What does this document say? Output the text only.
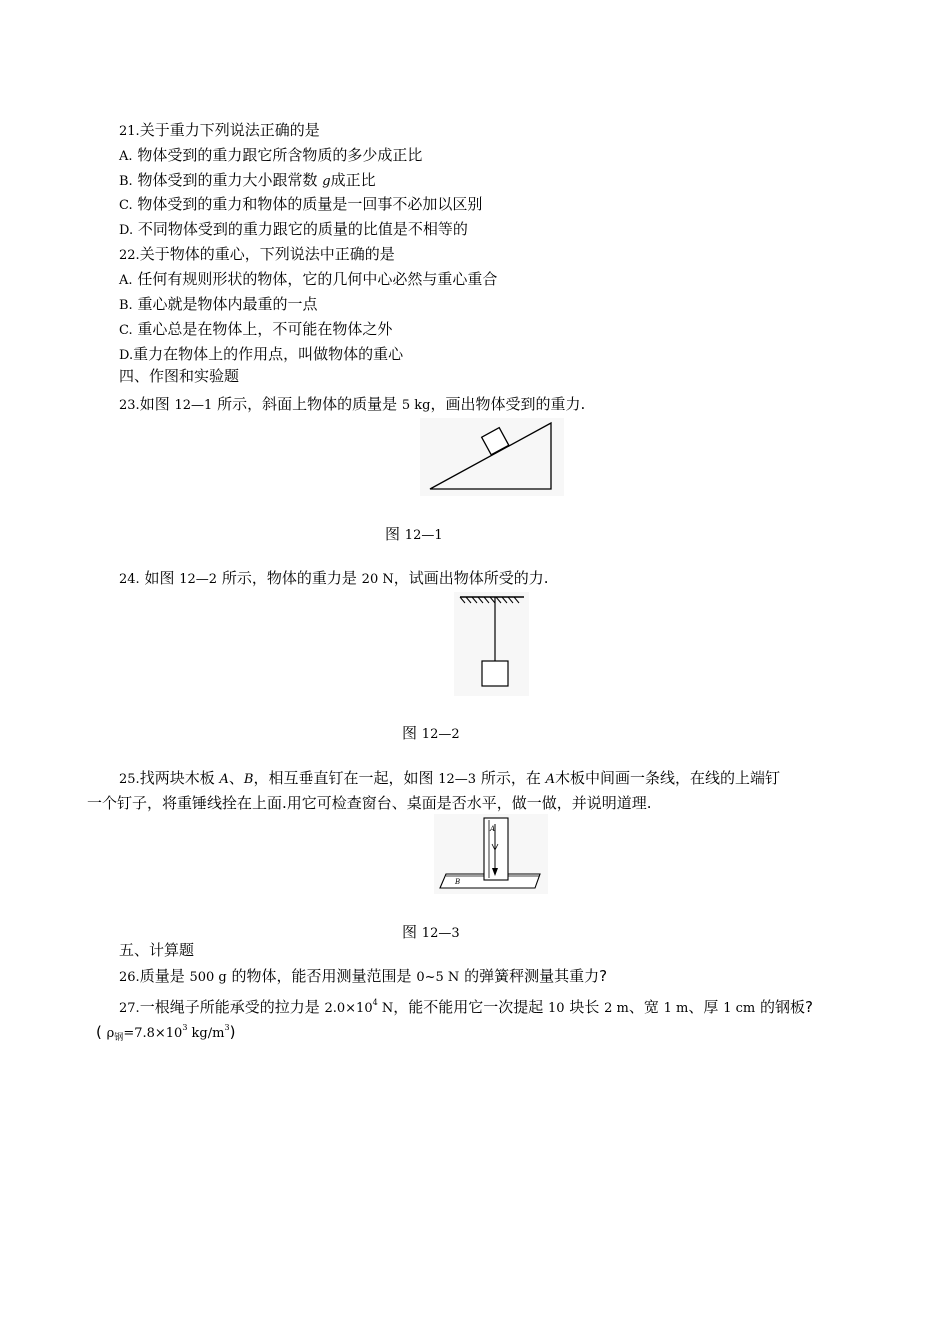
21.关于重力下列说法正确的是
A. 物体受到的重力跟它所含物质的多少成正比
B. 物体受到的重力大小跟常数 g成正比
C. 物体受到的重力和物体的质量是一回事不必加以区别
D. 不同物体受到的重力跟它的质量的比值是不相等的
22.关于物体的重心，下列说法中正确的是
A. 任何有规则形状的物体，它的几何中心必然与重心重合
B. 重心就是物体内最重的一点
C. 重心总是在物体上，不可能在物体之外
D.重力在物体上的作用点，叫做物体的重心
四、作图和实验题
23.如图 12—1 所示，斜面上物体的质量是 5 kg，画出物体受到的重力.
图 12—1
24. 如图 12—2 所示，物体的重力是 20 N，试画出物体所受的力.
图 12—2
25.找两块木板 A、B，相互垂直钉在一起，如图 12—3 所示，在 A木板中间画一条线，在线的上端钉
一个钉子，将重锤线拴在上面.用它可检查窗台、桌面是否水平，做一做，并说明道理.
A
B
图 12—3
五、计算题
26.质量是 500 g 的物体，能否用测量范围是 0~5 N 的弹簧秤测量其重力?
27.一根绳子所能承受的拉力是 $2.0\times 10^4$ N，能不能用它一次提起 10 块长 2 m、宽 1 m、厚 1 cm 的钢板?
( $\rho_钢=7.8\times 10^3$ $kg/m^3$)
